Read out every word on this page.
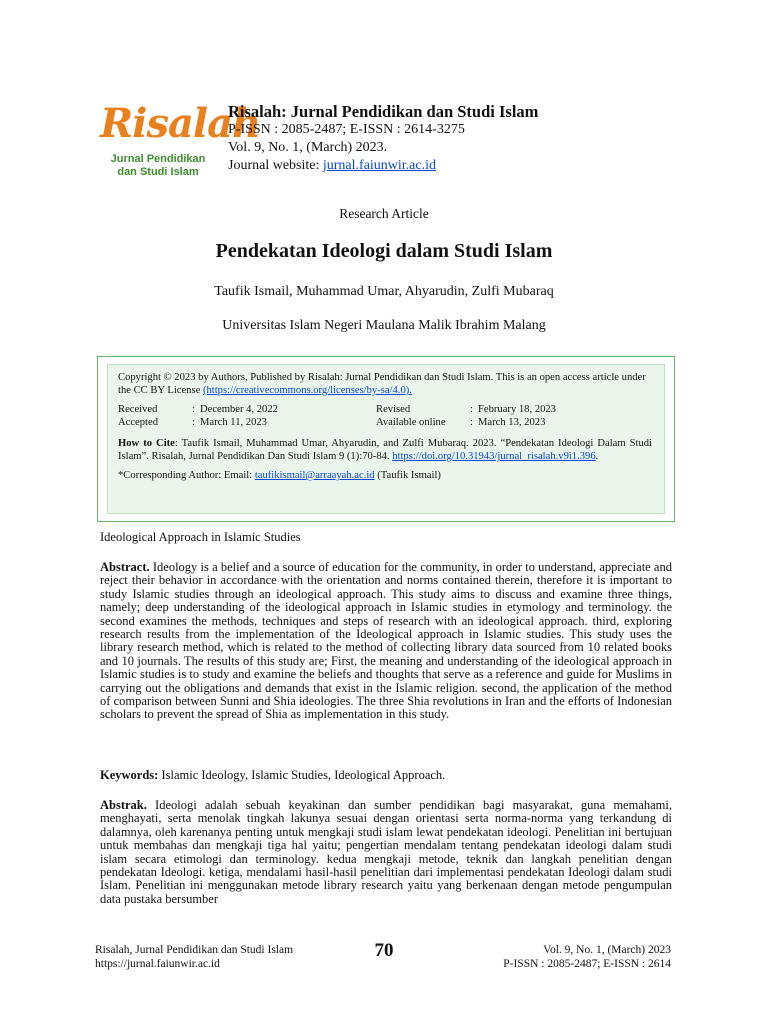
Risalah
Jurnal Pendidikan
dan Studi Islam
Risalah: Jurnal Pendidikan dan Studi Islam
P-ISSN : 2085-2487; E-ISSN : 2614-3275
Vol. 9, No. 1, (March) 2023.
Journal website: jurnal.faiunwir.ac.id
Research Article
Pendekatan Ideologi dalam Studi Islam
Taufik Ismail, Muhammad Umar, Ahyarudin, Zulfi Mubaraq
Universitas Islam Negeri Maulana Malik Ibrahim Malang
Copyright © 2023 by Authors, Published by Risalah: Jurnal Pendidikan dan Studi Islam. This is an open access article under the CC BY License (https://creativecommons.org/licenses/by-sa/4.0).
Received	: December 4, 2022	Revised	: February 18, 2023
Accepted	: March 11, 2023	Available online : March 13, 2023
How to Cite: Taufik Ismail, Muhammad Umar, Ahyarudin, and Zulfi Mubaraq. 2023. “Pendekatan Ideologi Dalam Studi Islam”. Risalah, Jurnal Pendidikan Dan Studi Islam 9 (1):70-84. https://doi.org/10.31943/jurnal_risalah.v9i1.396.
*Corresponding Author: Email: taufikismail@arraayah.ac.id (Taufik Ismail)
Ideological Approach in Islamic Studies
Abstract. Ideology is a belief and a source of education for the community, in order to understand, appreciate and reject their behavior in accordance with the orientation and norms contained therein, therefore it is important to study Islamic studies through an ideological approach. This study aims to discuss and examine three things, namely; deep understanding of the ideological approach in Islamic studies in etymology and terminology. the second examines the methods, techniques and steps of research with an ideological approach. third, exploring research results from the implementation of the Ideological approach in Islamic studies. This study uses the library research method, which is related to the method of collecting library data sourced from 10 related books and 10 journals. The results of this study are; First, the meaning and understanding of the ideological approach in Islamic studies is to study and examine the beliefs and thoughts that serve as a reference and guide for Muslims in carrying out the obligations and demands that exist in the Islamic religion. second, the application of the method of comparison between Sunni and Shia ideologies. The three Shia revolutions in Iran and the efforts of Indonesian scholars to prevent the spread of Shia as implementation in this study.
Keywords: Islamic Ideology, Islamic Studies, Ideological Approach.
Abstrak. Ideologi adalah sebuah keyakinan dan sumber pendidikan bagi masyarakat, guna memahami, menghayati, serta menolak tingkah lakunya sesuai dengan orientasi serta norma-norma yang terkandung di dalamnya, oleh karenanya penting untuk mengkaji studi islam lewat pendekatan ideologi. Penelitian ini bertujuan untuk membahas dan mengkaji tiga hal yaitu; pengertian mendalam tentang pendekatan ideologi dalam studi islam secara etimologi dan terminology. kedua mengkaji metode, teknik dan langkah penelitian dengan pendekatan Ideologi. ketiga, mendalami hasil-hasil penelitian dari implementasi pendekatan Ideologi dalam studi Islam. Penelitian ini menggunakan metode library research yaitu yang berkenaan dengan metode pengumpulan data pustaka bersumber
Risalah, Jurnal Pendidikan dan Studi Islam
https://jurnal.faiunwir.ac.id
70	Vol. 9, No. 1, (March) 2023
P-ISSN : 2085-2487; E-ISSN : 2614
